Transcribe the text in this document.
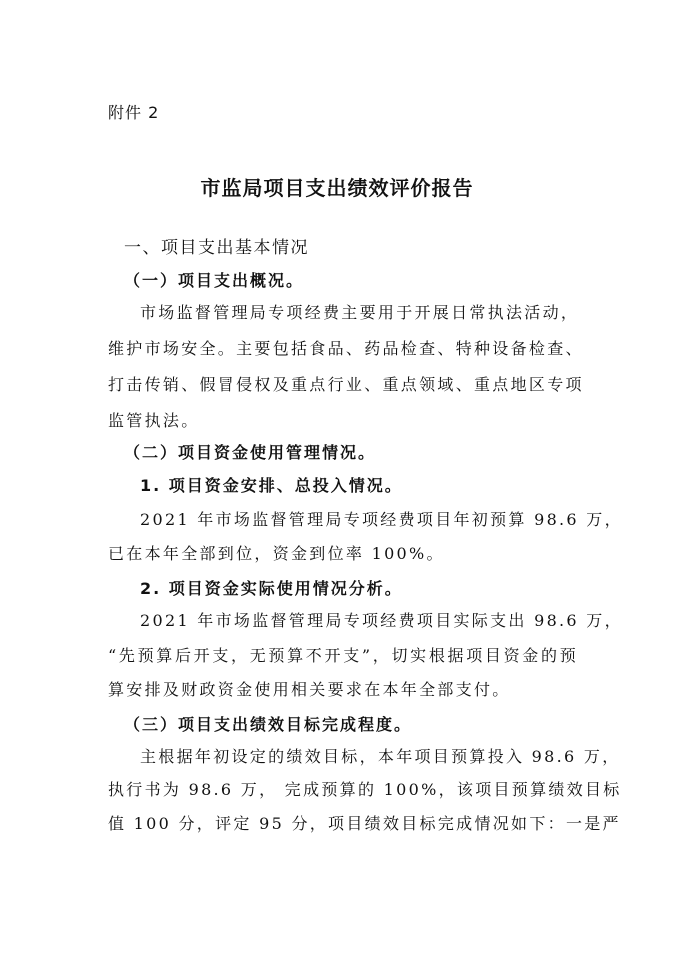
附件 2
市监局项目支出绩效评价报告
一、项目支出基本情况
（一）项目支出概况。
市场监督管理局专项经费主要用于开展日常执法活动，
维护市场安全。主要包括食品、药品检查、特种设备检查、
打击传销、假冒侵权及重点行业、重点领域、重点地区专项
监管执法。
（二）项目资金使用管理情况。
1. 项目资金安排、总投入情况。
2021 年市场监督管理局专项经费项目年初预算 98.6 万，
已在本年全部到位，资金到位率 100%。
2. 项目资金实际使用情况分析。
2021 年市场监督管理局专项经费项目实际支出 98.6 万，
“先预算后开支，无预算不开支”，切实根据项目资金的预
算安排及财政资金使用相关要求在本年全部支付。
（三）项目支出绩效目标完成程度。
主根据年初设定的绩效目标，本年项目预算投入 98.6 万，
执行书为 98.6 万， 完成预算的 100%，该项目预算绩效目标
值 100 分，评定 95 分，项目绩效目标完成情况如下：一是严
